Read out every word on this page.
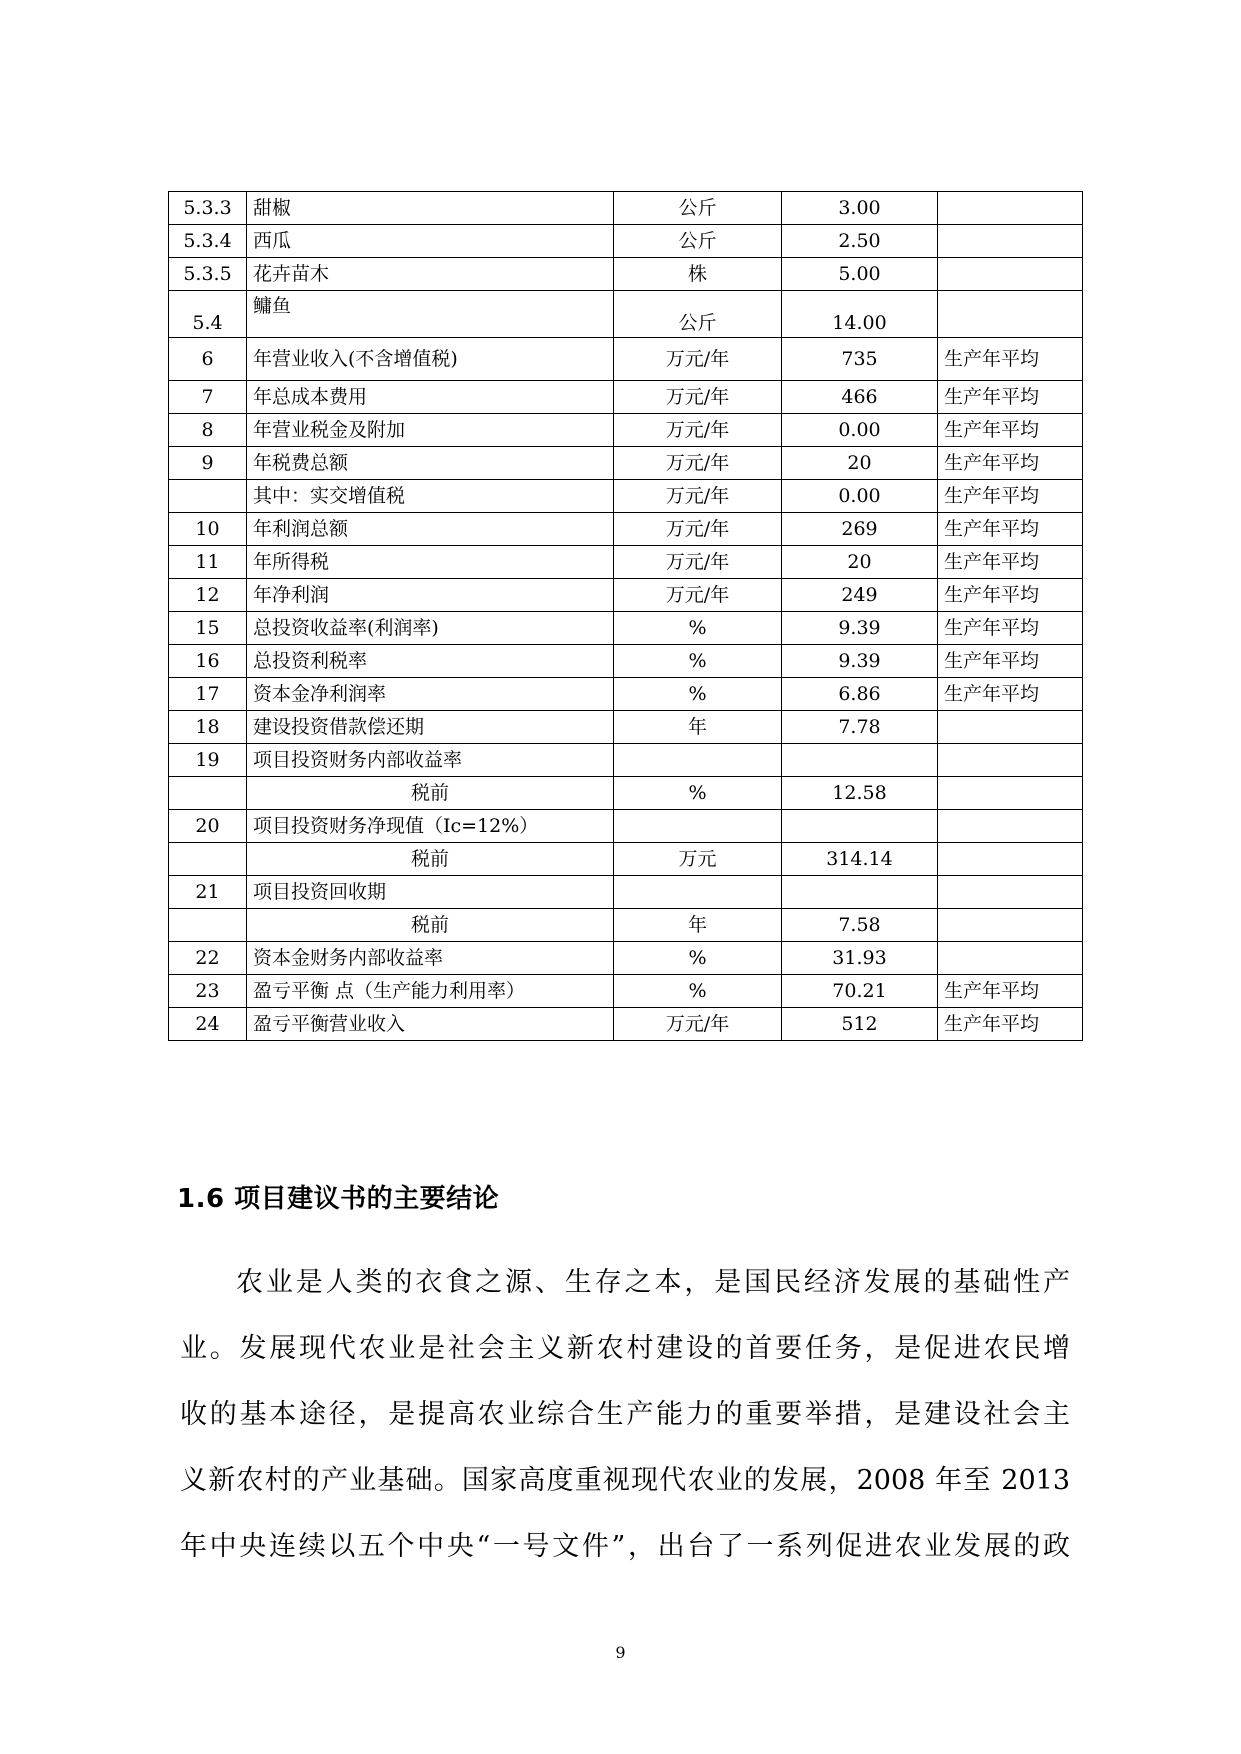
5.3.3	甜椒	公斤	3.00	
5.3.4	西瓜	公斤	2.50	
5.3.5	花卉苗木	株	5.00	
5.4	鳙鱼	公斤	14.00	
6	年营业收入(不含增值税)	万元/年	735	生产年平均
7	年总成本费用	万元/年	466	生产年平均
8	年营业税金及附加	万元/年	0.00	生产年平均
9	年税费总额	万元/年	20	生产年平均
	其中：实交增值税	万元/年	0.00	生产年平均
10	年利润总额	万元/年	269	生产年平均
11	年所得税	万元/年	20	生产年平均
12	年净利润	万元/年	249	生产年平均
15	总投资收益率(利润率)	%	9.39	生产年平均
16	总投资利税率	%	9.39	生产年平均
17	资本金净利润率	%	6.86	生产年平均
18	建设投资借款偿还期	年	7.78	
19	项目投资财务内部收益率			
	税前	%	12.58	
20	项目投资财务净现值（Ic=12%）			
	税前	万元	314.14	
21	项目投资回收期			
	税前	年	7.58	
22	资本金财务内部收益率	%	31.93	
23	盈亏平衡 点（生产能力利用率）	%	70.21	生产年平均
24	盈亏平衡营业收入	万元/年	512	生产年平均
1.6 项目建议书的主要结论
农业是人类的衣食之源、生存之本，是国民经济发展的基础性产
业。发展现代农业是社会主义新农村建设的首要任务，是促进农民增
收的基本途径，是提高农业综合生产能力的重要举措，是建设社会主
义新农村的产业基础。国家高度重视现代农业的发展，2008 年至 2013
年中央连续以五个中央“一号文件”，出台了一系列促进农业发展的政
9
